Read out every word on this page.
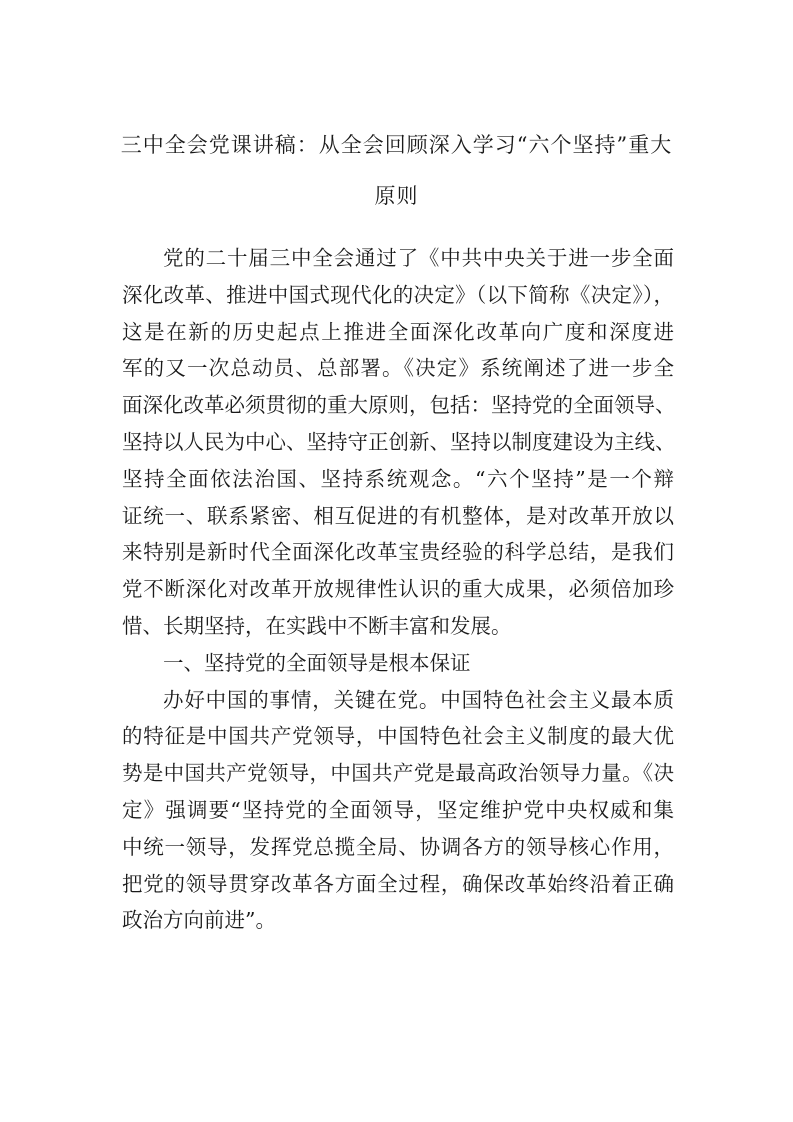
三中全会党课讲稿：从全会回顾深入学习“六个坚持”重大
原则
党的二十届三中全会通过了《中共中央关于进一步全面
深化改革、推进中国式现代化的决定》（以下简称《决定》），
这是在新的历史起点上推进全面深化改革向广度和深度进
军的又一次总动员、总部署。《决定》系统阐述了进一步全
面深化改革必须贯彻的重大原则，包括：坚持党的全面领导、
坚持以人民为中心、坚持守正创新、坚持以制度建设为主线、
坚持全面依法治国、坚持系统观念。“六个坚持”是一个辩
证统一、联系紧密、相互促进的有机整体，是对改革开放以
来特别是新时代全面深化改革宝贵经验的科学总结，是我们
党不断深化对改革开放规律性认识的重大成果，必须倍加珍
惜、长期坚持，在实践中不断丰富和发展。
一、坚持党的全面领导是根本保证
办好中国的事情，关键在党。中国特色社会主义最本质
的特征是中国共产党领导，中国特色社会主义制度的最大优
势是中国共产党领导，中国共产党是最高政治领导力量。《决
定》强调要“坚持党的全面领导，坚定维护党中央权威和集
中统一领导，发挥党总揽全局、协调各方的领导核心作用，
把党的领导贯穿改革各方面全过程，确保改革始终沿着正确
政治方向前进”。
